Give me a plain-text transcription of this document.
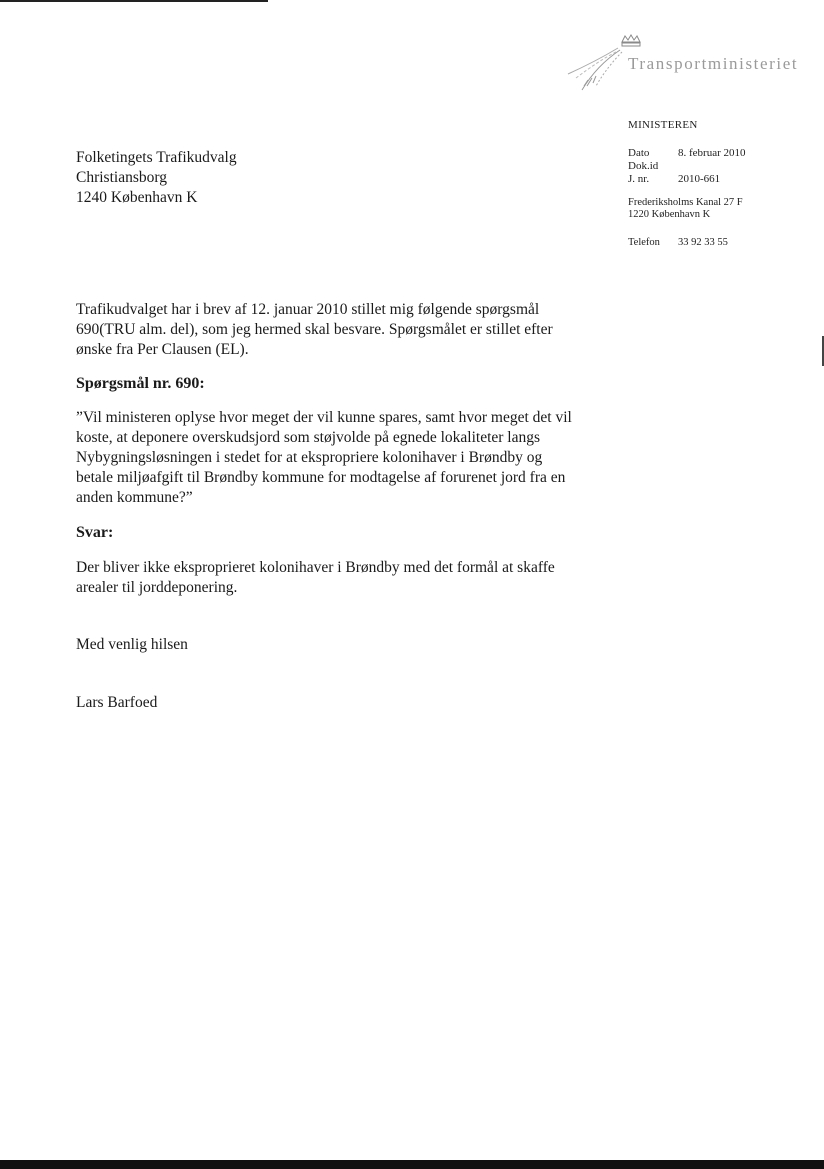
Transportministeriet
MINISTEREN
Dato	8. februar 2010
Dok.id
J. nr.	2010-661
Frederiksholms Kanal 27 F
1220 København K
Telefon	33 92 33 55
Folketingets Trafikudvalg
Christiansborg
1240 København K
Trafikudvalget har i brev af 12. januar 2010 stillet mig følgende spørgsmål
690(TRU alm. del), som jeg hermed skal besvare. Spørgsmålet er stillet efter
ønske fra Per Clausen (EL).
Spørgsmål nr. 690:
”Vil ministeren oplyse hvor meget der vil kunne spares, samt hvor meget det vil
koste, at deponere overskudsjord som støjvolde på egnede lokaliteter langs
Nybygningsløsningen i stedet for at ekspropriere kolonihaver i Brøndby og
betale miljøafgift til Brøndby kommune for modtagelse af forurenet jord fra en
anden kommune?”
Svar:
Der bliver ikke eksproprieret kolonihaver i Brøndby med det formål at skaffe
arealer til jorddeponering.
Med venlig hilsen
Lars Barfoed
